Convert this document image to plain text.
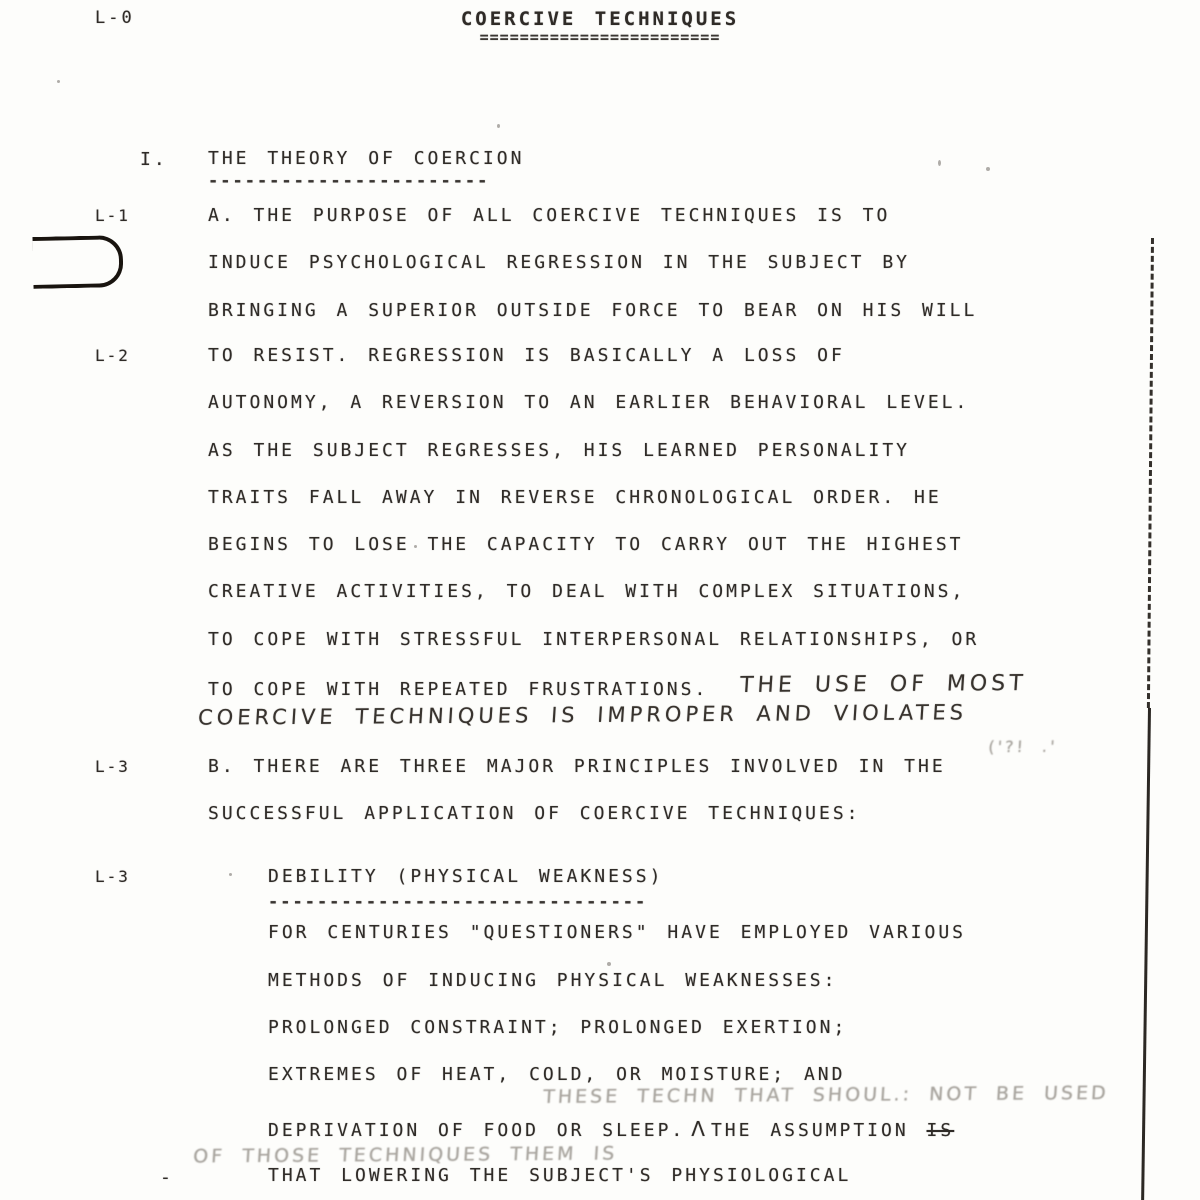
L-0	COERCIVE TECHNIQUES
========================
I. THE THEORY OF COERCION
-----------------------
L-1	A. THE PURPOSE OF ALL COERCIVE TECHNIQUES IS TO
INDUCE PSYCHOLOGICAL REGRESSION IN THE SUBJECT BY
BRINGING A SUPERIOR OUTSIDE FORCE TO BEAR ON HIS WILL
L-2	TO RESIST. REGRESSION IS BASICALLY A LOSS OF
AUTONOMY, A REVERSION TO AN EARLIER BEHAVIORAL LEVEL.
AS THE SUBJECT REGRESSES, HIS LEARNED PERSONALITY
TRAITS FALL AWAY IN REVERSE CHRONOLOGICAL ORDER. HE
BEGINS TO LOSE THE CAPACITY TO CARRY OUT THE HIGHEST
CREATIVE ACTIVITIES, TO DEAL WITH COMPLEX SITUATIONS,
TO COPE WITH STRESSFUL INTERPERSONAL RELATIONSHIPS, OR
TO COPE WITH REPEATED FRUSTRATIONS. THE USE OF MOST
COERCIVE TECHNIQUES IS IMPROPER AND VIOLATES
('?! .'
L-3	B. THERE ARE THREE MAJOR PRINCIPLES INVOLVED IN THE
SUCCESSFUL APPLICATION OF COERCIVE TECHNIQUES:
L-3	DEBILITY (PHYSICAL WEAKNESS)
-------------------------------
FOR CENTURIES "QUESTIONERS" HAVE EMPLOYED VARIOUS
METHODS OF INDUCING PHYSICAL WEAKNESSES:
PROLONGED CONSTRAINT; PROLONGED EXERTION;
EXTREMES OF HEAT, COLD, OR MOISTURE; AND
THESE TECHN THAT SHOUL.: NOT BE USED
DEPRIVATION OF FOOD OR SLEEP. Λ THE ASSUMPTION IS
OF THOSE TECHNIQUES THEM IS
-	THAT LOWERING THE SUBJECT'S PHYSIOLOGICAL
